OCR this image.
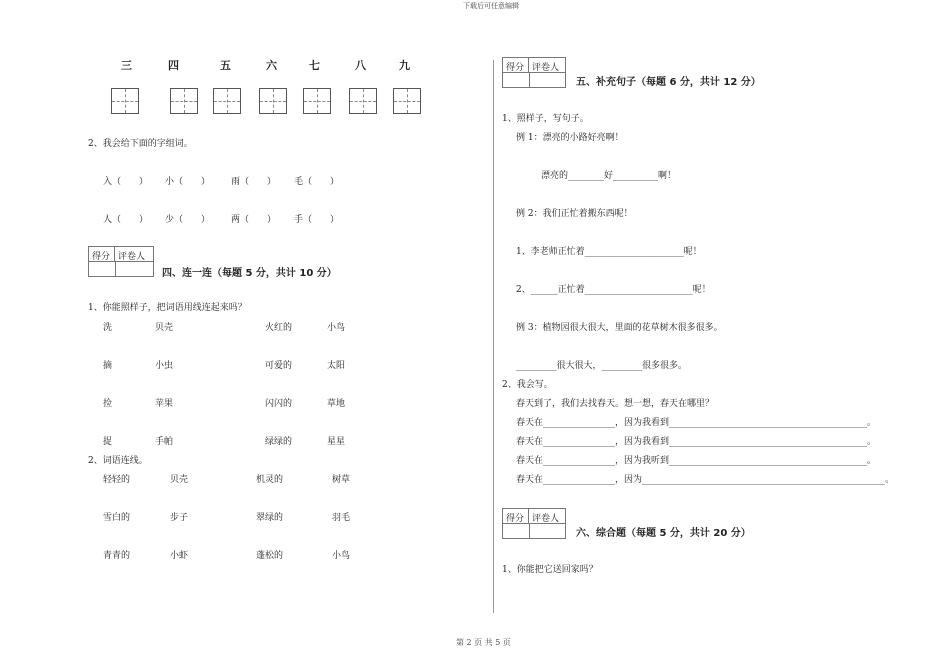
下载后可任意编辑
第 2 页 共 5 页
三	四	五	六	七	八	九
2、我会给下面的字组词。
入（　　） 小（　　） 雨（　　） 毛（　　）
人（　　） 少（　　） 两（　　） 手（　　）
得分 评卷人
四、连一连（每题 5 分，共计 10 分）
1、你能照样子，把词语用线连起来吗？
洗	贝壳	火红的	小鸟
摘	小虫	可爱的	太阳
捡	苹果	闪闪的	草地
捉	手帕	绿绿的	星星
2、词语连线。
轻轻的	贝壳	机灵的	树草
雪白的	步子	翠绿的	羽毛
青青的	小虾	蓬松的	小鸟
得分 评卷人
五、补充句子（每题 6 分，共计 12 分）
1、照样子，写句子。
例 1：漂亮的小路好亮啊！
漂亮的________好__________啊！
例 2：我们正忙着搬东西呢！
1、李老师正忙着______________________呢！
2、______正忙着________________________呢！
例 3：植物园很大很大，里面的花草树木很多很多。
_________很大很大，_________很多很多。
2、我会写。
春天到了，我们去找春天。想一想，春天在哪里？
春天在________________，因为我看到____________________________________________。
春天在________________，因为我看到____________________________________________。
春天在________________，因为我听到____________________________________________。
春天在________________，因为______________________________________________________。
得分 评卷人
六、综合题（每题 5 分，共计 20 分）
1、你能把它送回家吗？
